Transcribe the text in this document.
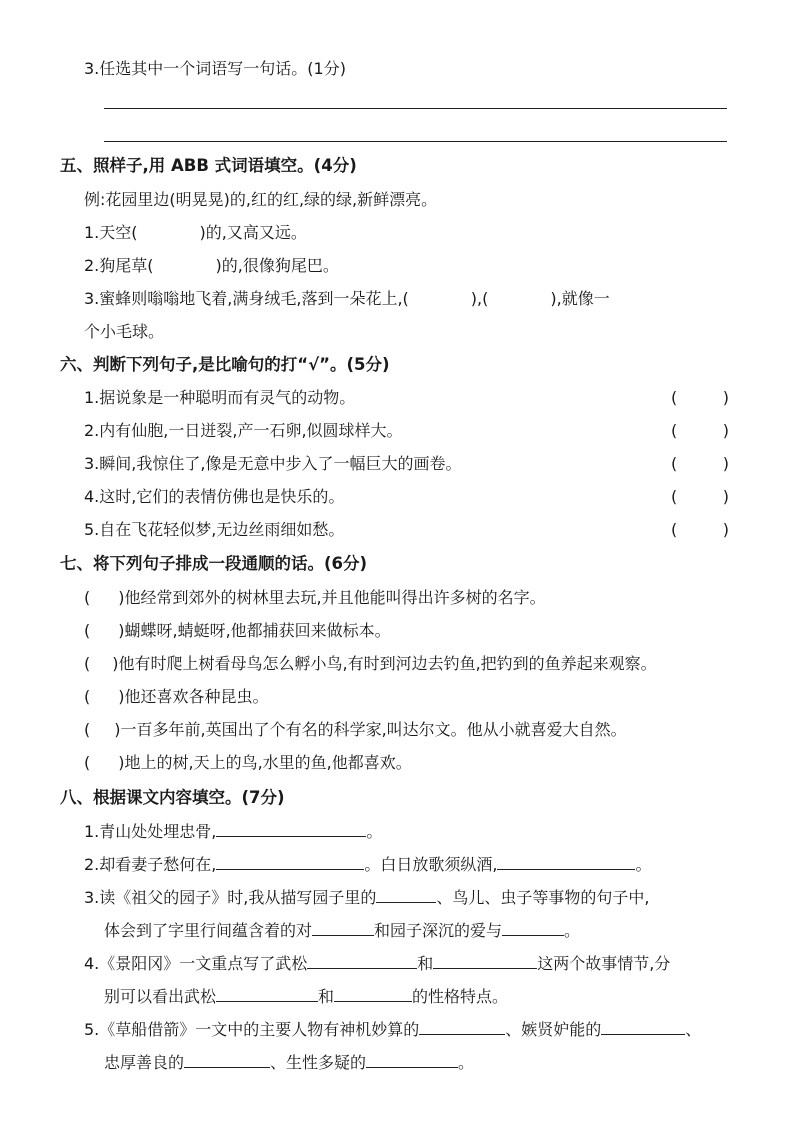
3.任选其中一个词语写一句话。(1分)
五、照样子,用 ABB 式词语填空。(4分)
例:花园里边(明晃晃)的,红的红,绿的绿,新鲜漂亮。
1.天空(	)的,又高又远。
2.狗尾草(	)的,很像狗尾巴。
3.蜜蜂则嗡嗡地飞着,满身绒毛,落到一朵花上,(	),(	),就像一
个小毛球。
六、判断下列句子,是比喻句的打“√”。(5分)
1.据说象是一种聪明而有灵气的动物。	(	)
2.内有仙胞,一日迸裂,产一石卵,似圆球样大。	(	)
3.瞬间,我惊住了,像是无意中步入了一幅巨大的画卷。	(	)
4.这时,它们的表情仿佛也是快乐的。	(	)
5.自在飞花轻似梦,无边丝雨细如愁。	(	)
七、将下列句子排成一段通顺的话。(6分)
( )他经常到郊外的树林里去玩,并且他能叫得出许多树的名字。
( )蝴蝶呀,蜻蜓呀,他都捕获回来做标本。
( )他有时爬上树看母鸟怎么孵小鸟,有时到河边去钓鱼,把钓到的鱼养起来观察。
( )他还喜欢各种昆虫。
( )一百多年前,英国出了个有名的科学家,叫达尔文。他从小就喜爱大自然。
( )地上的树,天上的鸟,水里的鱼,他都喜欢。
八、根据课文内容填空。(7分)
1.青山处处埋忠骨,	。
2.却看妻子愁何在,	。白日放歌须纵酒,	。
3.读《祖父的园子》时,我从描写园子里的	、鸟儿、虫子等事物的句子中,
体会到了字里行间蕴含着的对	和园子深沉的爱与	。
4.《景阳冈》一文重点写了武松	和	这两个故事情节,分
别可以看出武松	和	的性格特点。
5.《草船借箭》一文中的主要人物有神机妙算的	、嫉贤妒能的	、
忠厚善良的	、生性多疑的	。
